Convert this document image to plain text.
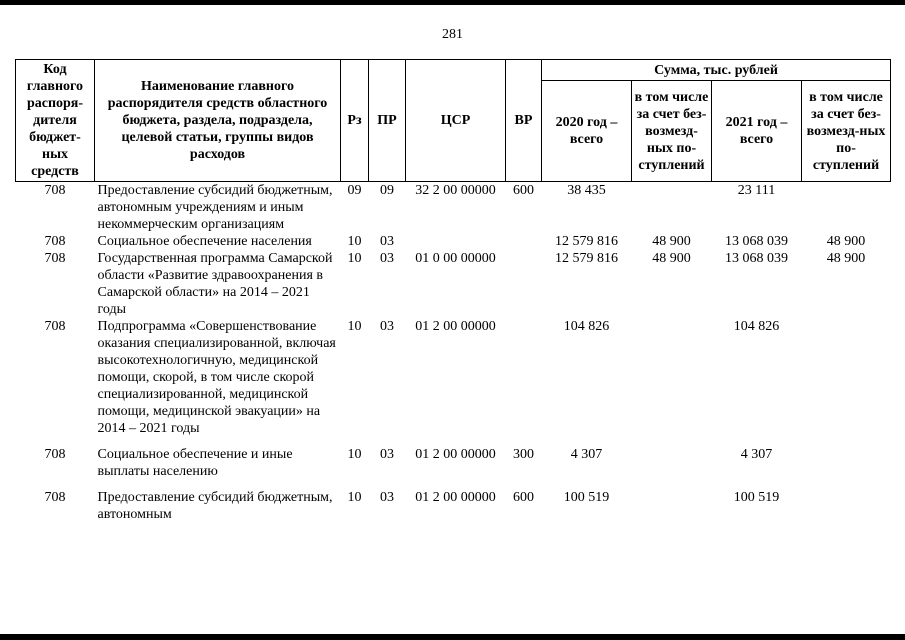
281
Код главного распоря-дителя бюджет-ных средств	Наименование главного распорядителя средств областного бюджета, раздела, подраздела, целевой статьи, группы видов расходов	Рз	ПР	ЦСР	ВР	Сумма, тыс. рублей			
						2020 год – всего	в том числе за счет без-возмезд-ных по-ступлений	2021 год – всего	в том числе за счет без-возмезд-ных по-ступлений
708	Предоставление субсидий бюджетным, автономным учреждениям и иным некоммерческим организациям	09	09	32 2 00 00000	600	38 435		23 111	
708	Социальное обеспечение населения	10	03			12 579 816	48 900	13 068 039	48 900
708	Государственная программа Самарской области «Развитие здравоохранения в Самарской области» на 2014 – 2021 годы	10	03	01 0 00 00000		12 579 816	48 900	13 068 039	48 900
708	Подпрограмма «Совершенствование оказания специализированной, включая высокотехнологичную, медицинской помощи, скорой, в том числе скорой специализированной, медицинской помощи, медицинской эвакуации» на 2014 – 2021 годы	10	03	01 2 00 00000		104 826		104 826	

708	Социальное обеспечение и иные выплаты населению	10	03	01 2 00 00000	300	4 307		4 307	

708	Предоставление субсидий бюджетным, автономным	10	03	01 2 00 00000	600	100 519		100 519	
